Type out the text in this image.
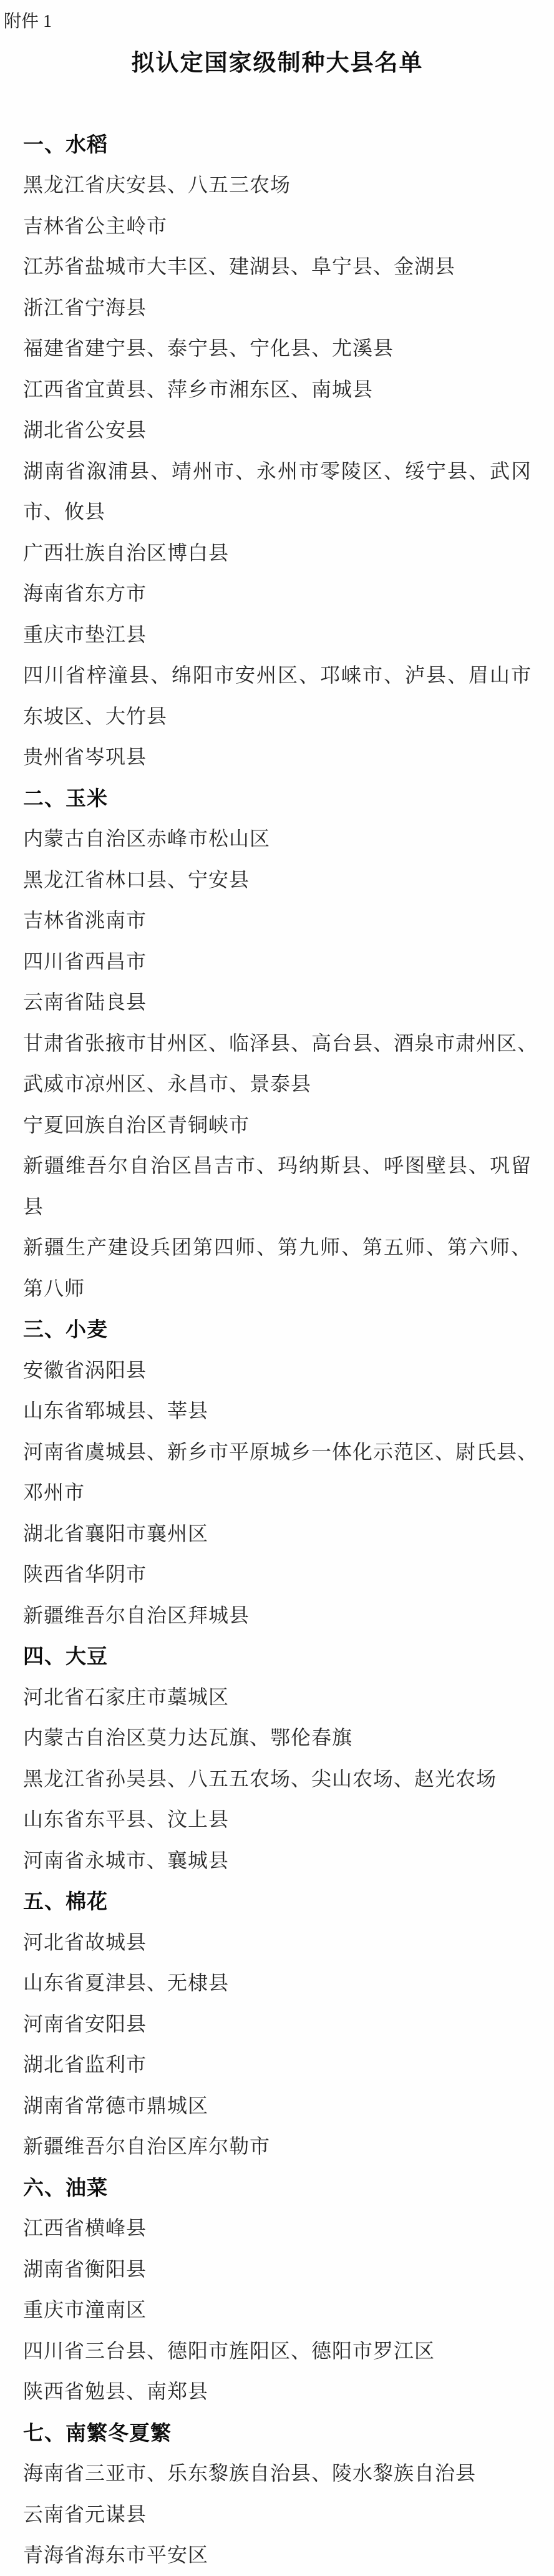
附件 1
拟认定国家级制种大县名单
一、水稻
黑龙江省庆安县、八五三农场
吉林省公主岭市
江苏省盐城市大丰区、建湖县、阜宁县、金湖县
浙江省宁海县
福建省建宁县、泰宁县、宁化县、尤溪县
江西省宜黄县、萍乡市湘东区、南城县
湖北省公安县
湖南省溆浦县、靖州市、永州市零陵区、绥宁县、武冈
市、攸县
广西壮族自治区博白县
海南省东方市
重庆市垫江县
四川省梓潼县、绵阳市安州区、邛崃市、泸县、眉山市
东坡区、大竹县
贵州省岑巩县
二、玉米
内蒙古自治区赤峰市松山区
黑龙江省林口县、宁安县
吉林省洮南市
四川省西昌市
云南省陆良县
甘肃省张掖市甘州区、临泽县、高台县、酒泉市肃州区、
武威市凉州区、永昌市、景泰县
宁夏回族自治区青铜峡市
新疆维吾尔自治区昌吉市、玛纳斯县、呼图壁县、巩留
县
新疆生产建设兵团第四师、第九师、第五师、第六师、
第八师
三、小麦
安徽省涡阳县
山东省郓城县、莘县
河南省虞城县、新乡市平原城乡一体化示范区、尉氏县、
邓州市
湖北省襄阳市襄州区
陕西省华阴市
新疆维吾尔自治区拜城县
四、大豆
河北省石家庄市藁城区
内蒙古自治区莫力达瓦旗、鄂伦春旗
黑龙江省孙吴县、八五五农场、尖山农场、赵光农场
山东省东平县、汶上县
河南省永城市、襄城县
五、棉花
河北省故城县
山东省夏津县、无棣县
河南省安阳县
湖北省监利市
湖南省常德市鼎城区
新疆维吾尔自治区库尔勒市
六、油菜
江西省横峰县
湖南省衡阳县
重庆市潼南区
四川省三台县、德阳市旌阳区、德阳市罗江区
陕西省勉县、南郑县
七、南繁冬夏繁
海南省三亚市、乐东黎族自治县、陵水黎族自治县
云南省元谋县
青海省海东市平安区
